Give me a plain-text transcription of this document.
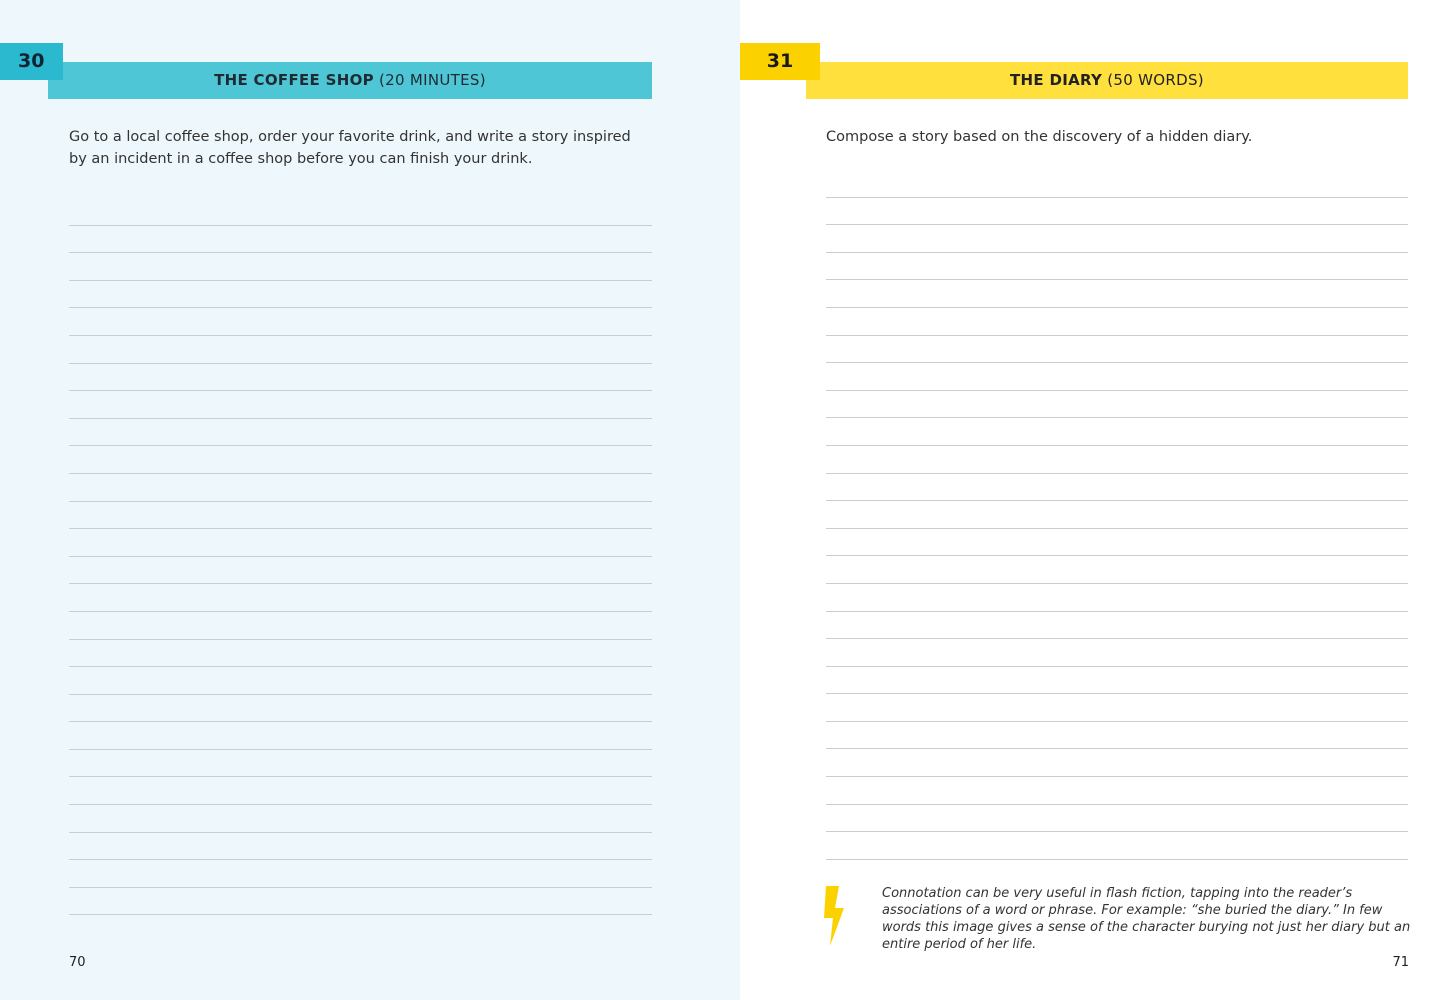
THE COFFEE SHOP (20 MINUTES)
30
Go to a local coffee shop, order your favorite drink, and write a story inspired by an incident in a coffee shop before you can finish your drink.
70
THE DIARY (50 WORDS)
31
Compose a story based on the discovery of a hidden diary.
Connotation can be very useful in flash fiction, tapping into the reader’s associations of a word or phrase. For example: “she buried the diary.” In few words this image gives a sense of the character burying not just her diary but an entire period of her life.
71
